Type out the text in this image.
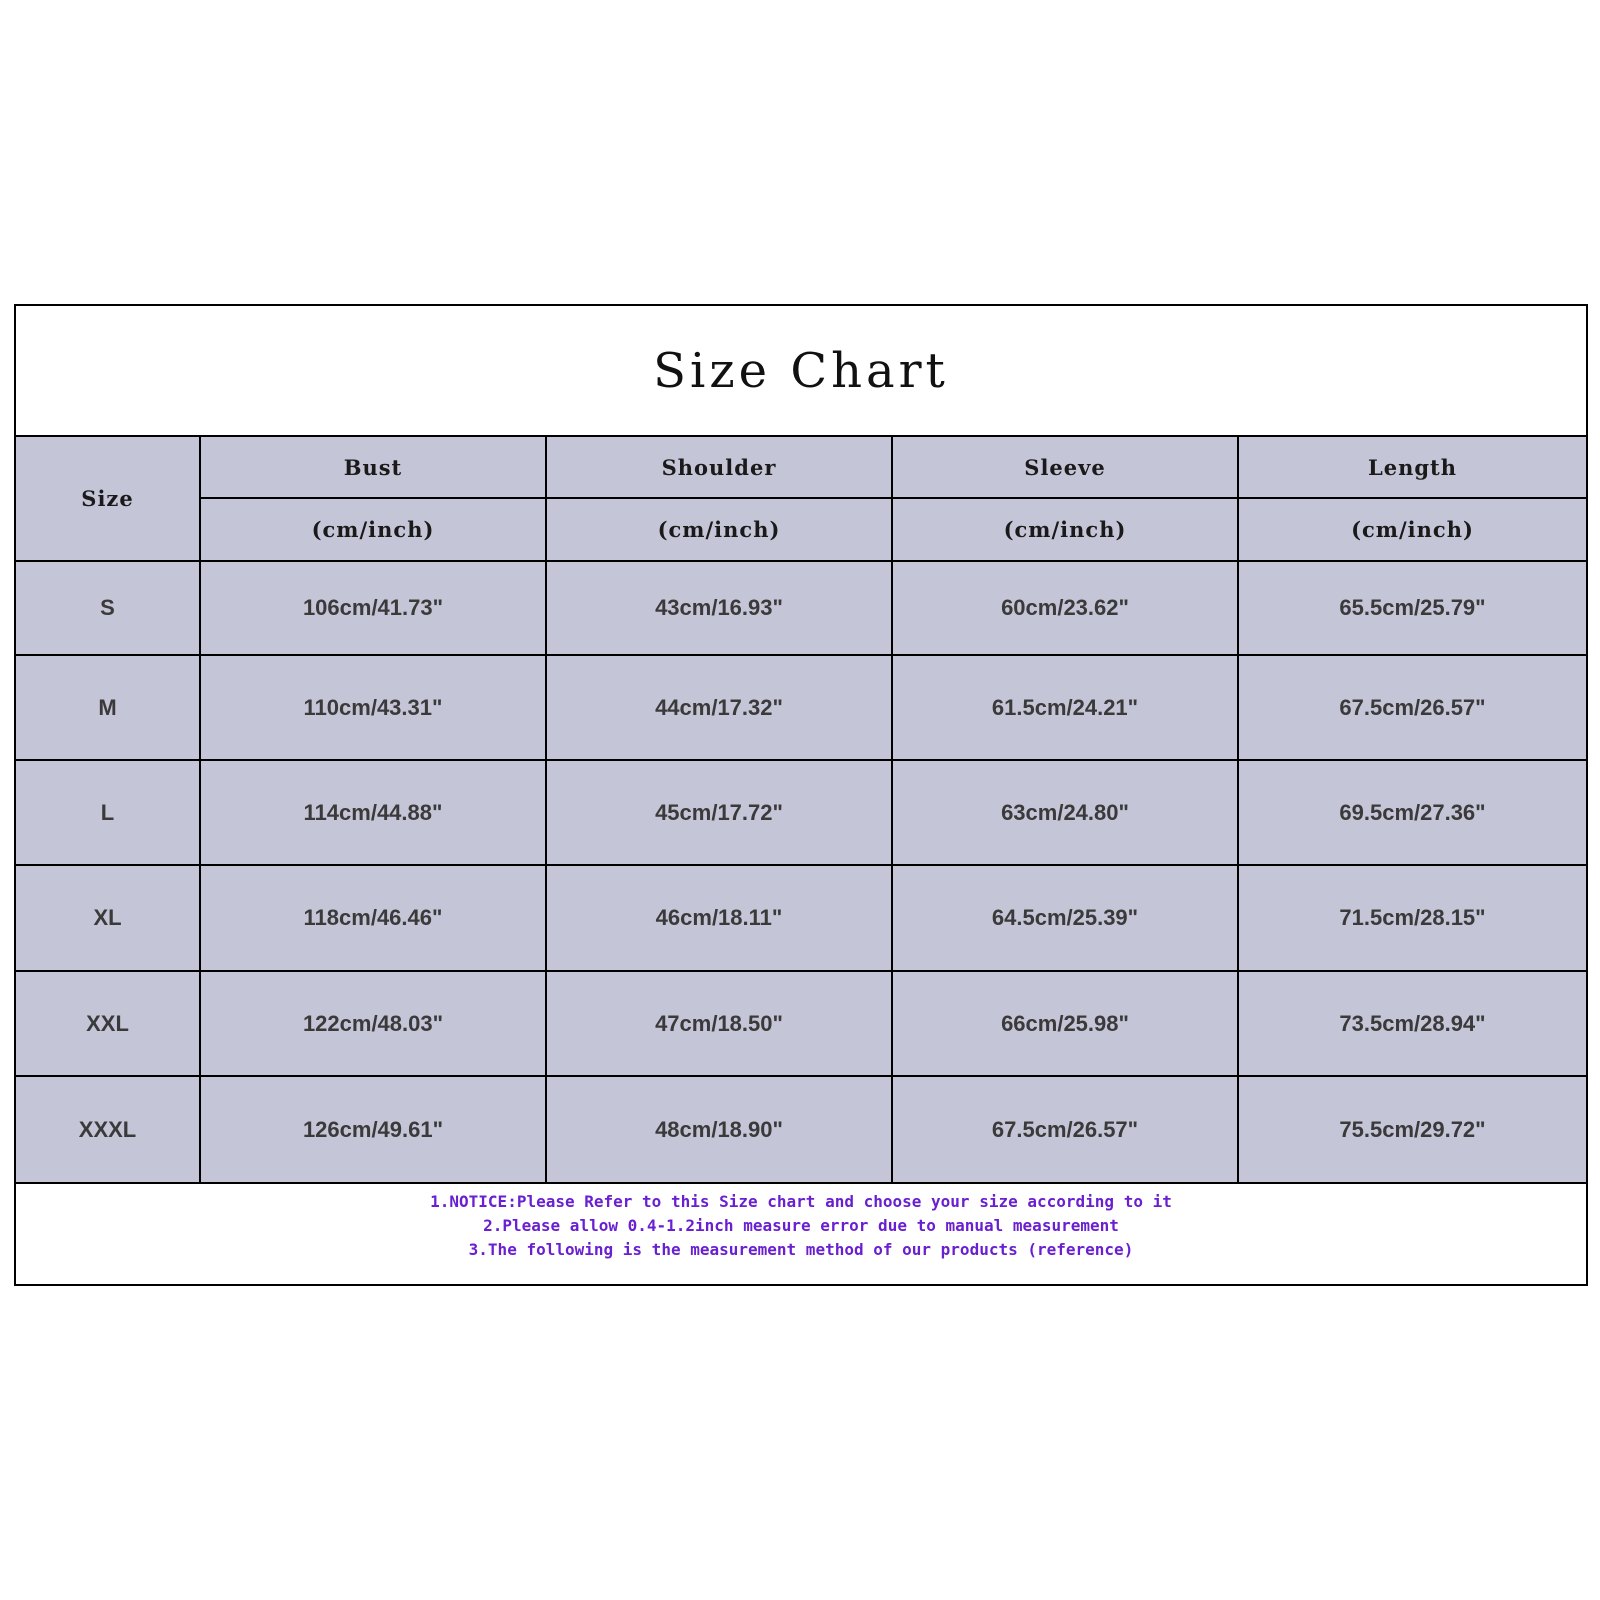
Size Chart
Size	Bust	Shoulder	Sleeve	Length
	(cm/inch)	(cm/inch)	(cm/inch)	(cm/inch)
S	106cm/41.73"	43cm/16.93"	60cm/23.62"	65.5cm/25.79"
M	110cm/43.31"	44cm/17.32"	61.5cm/24.21"	67.5cm/26.57"
L	114cm/44.88"	45cm/17.72"	63cm/24.80"	69.5cm/27.36"
XL	118cm/46.46"	46cm/18.11"	64.5cm/25.39"	71.5cm/28.15"
XXL	122cm/48.03"	47cm/18.50"	66cm/25.98"	73.5cm/28.94"
XXXL	126cm/49.61"	48cm/18.90"	67.5cm/26.57"	75.5cm/29.72"
1.NOTICE:Please Refer to this Size chart and choose your size according to it
2.Please allow 0.4-1.2inch measure error due to manual measurement
3.The following is the measurement method of our products (reference)
